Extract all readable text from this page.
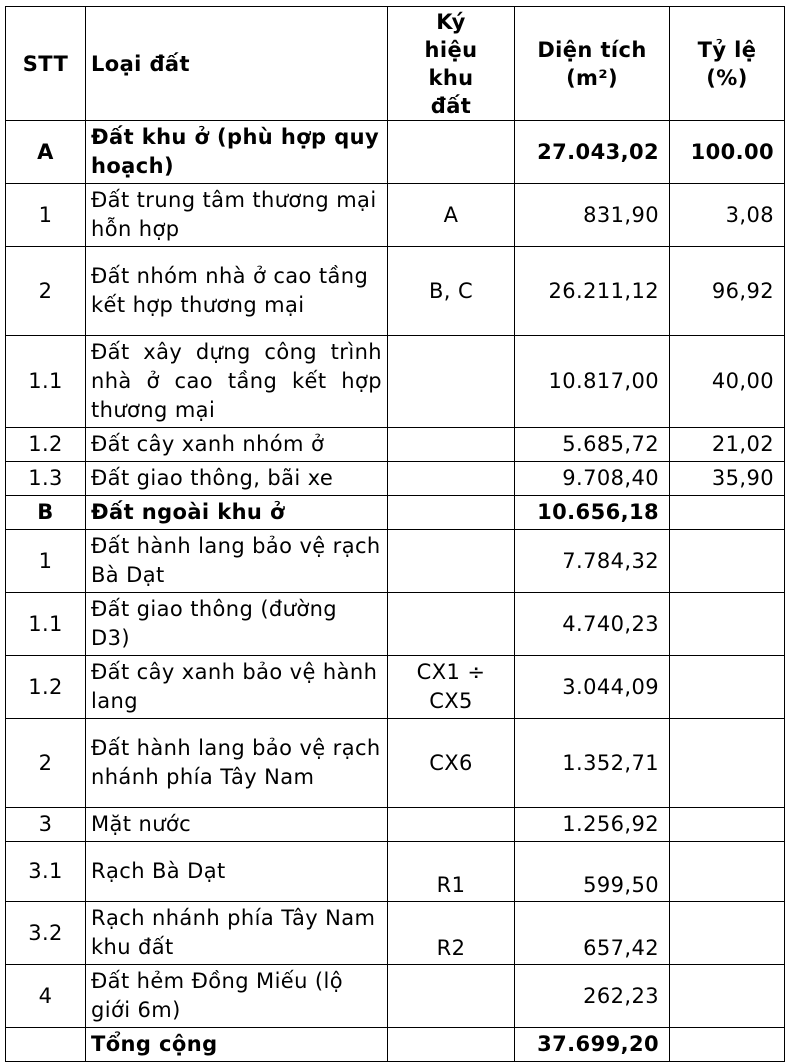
STT	Loại đất	Ký hiệu khu đất	Diện tích (m²)	Tỷ lệ (%)
A	Đất khu ở (phù hợp quy hoạch)		27.043,02	100.00
1	Đất trung tâm thương mại hỗn hợp	A	831,90	3,08
2	Đất nhóm nhà ở cao tầng kết hợp thương mại	B, C	26.211,12	96,92
1.1	Đất xây dựng công trình nhà ở cao tầng kết hợp thương mại		10.817,00	40,00
1.2	Đất cây xanh nhóm ở		5.685,72	21,02
1.3	Đất giao thông, bãi xe		9.708,40	35,90
B	Đất ngoài khu ở		10.656,18	
1	Đất hành lang bảo vệ rạch Bà Dạt		7.784,32	
1.1	Đất giao thông (đường D3)		4.740,23	
1.2	Đất cây xanh bảo vệ hành lang	CX1 ÷ CX5	3.044,09	
2	Đất hành lang bảo vệ rạch nhánh phía Tây Nam	CX6	1.352,71	
3	Mặt nước		1.256,92	
3.1	Rạch Bà Dạt	R1	599,50	
3.2	Rạch nhánh phía Tây Nam khu đất	R2	657,42	
4	Đất hẻm Đồng Miếu (lộ giới 6m)		262,23	
	Tổng cộng		37.699,20	
